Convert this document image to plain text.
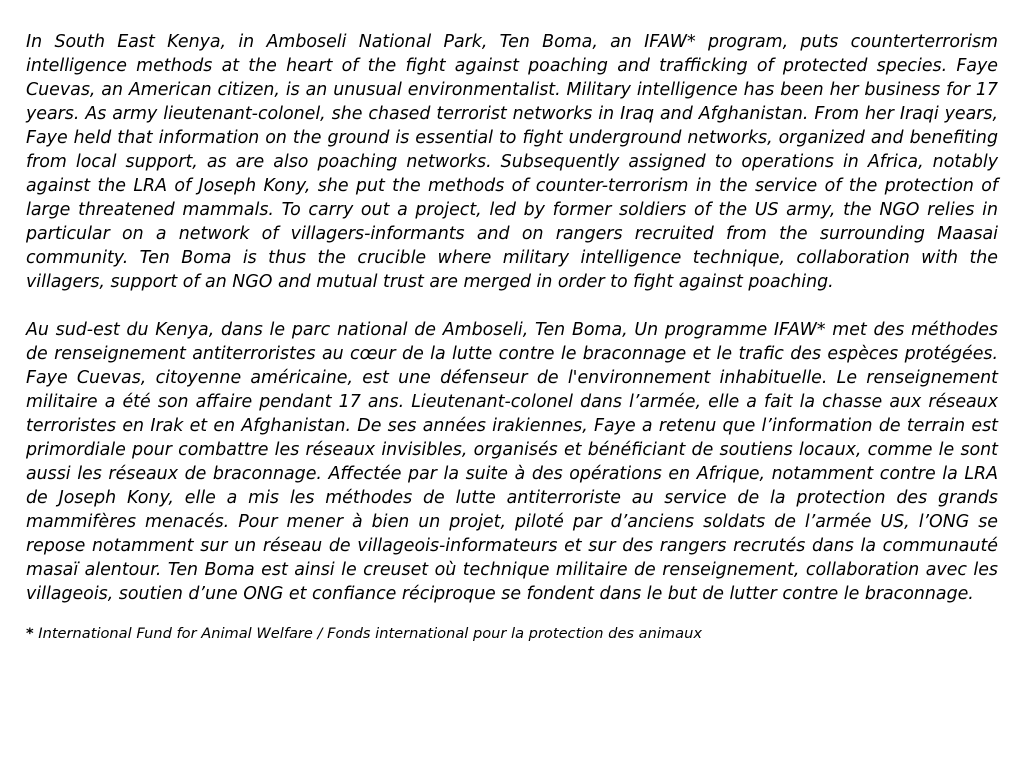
In South East Kenya, in Amboseli National Park, Ten Boma, an IFAW* program, puts counterterrorism intelligence methods at the heart of the fight against poaching and trafficking of protected species. Faye Cuevas, an American citizen, is an unusual environmentalist. Military intelligence has been her business for 17 years. As army lieutenant-colonel, she chased terrorist networks in Iraq and Afghanistan. From her Iraqi years, Faye held that information on the ground is essential to fight underground networks, organized and benefiting from local support, as are also poaching networks. Subsequently assigned to operations in Africa, notably against the LRA of Joseph Kony, she put the methods of counter-terrorism in the service of the protection of large threatened mammals. To carry out a project, led by former soldiers of the US army, the NGO relies in particular on a network of villagers-informants and on rangers recruited from the surrounding Maasai community. Ten Boma is thus the crucible where military intelligence technique, collaboration with the villagers, support of an NGO and mutual trust are merged in order to fight against poaching.

Au sud-est du Kenya, dans le parc national de Amboseli, Ten Boma, Un programme IFAW* met des méthodes de renseignement antiterroristes au cœur de la lutte contre le braconnage et le trafic des espèces protégées. Faye Cuevas, citoyenne américaine, est une défenseur de l'environnement inhabituelle. Le renseignement militaire a été son affaire pendant 17 ans. Lieutenant-colonel dans l’armée, elle a fait la chasse aux réseaux terroristes en Irak et en Afghanistan. De ses années irakiennes, Faye a retenu que l’information de terrain est primordiale pour combattre les réseaux invisibles, organisés et bénéficiant de soutiens locaux, comme le sont aussi les réseaux de braconnage. Affectée par la suite à des opérations en Afrique, notamment contre la LRA de Joseph Kony, elle a mis les méthodes de lutte antiterroriste au service de la protection des grands mammifères menacés. Pour mener à bien un projet, piloté par d’anciens soldats de l’armée US, l’ONG se repose notamment sur un réseau de villageois-informateurs et sur des rangers recrutés dans la communauté masaï alentour. Ten Boma est ainsi le creuset où technique militaire de renseignement, collaboration avec les villageois, soutien d’une ONG et confiance réciproque se fondent dans le but de lutter contre le braconnage.

* International Fund for Animal Welfare / Fonds international pour la protection des animaux
